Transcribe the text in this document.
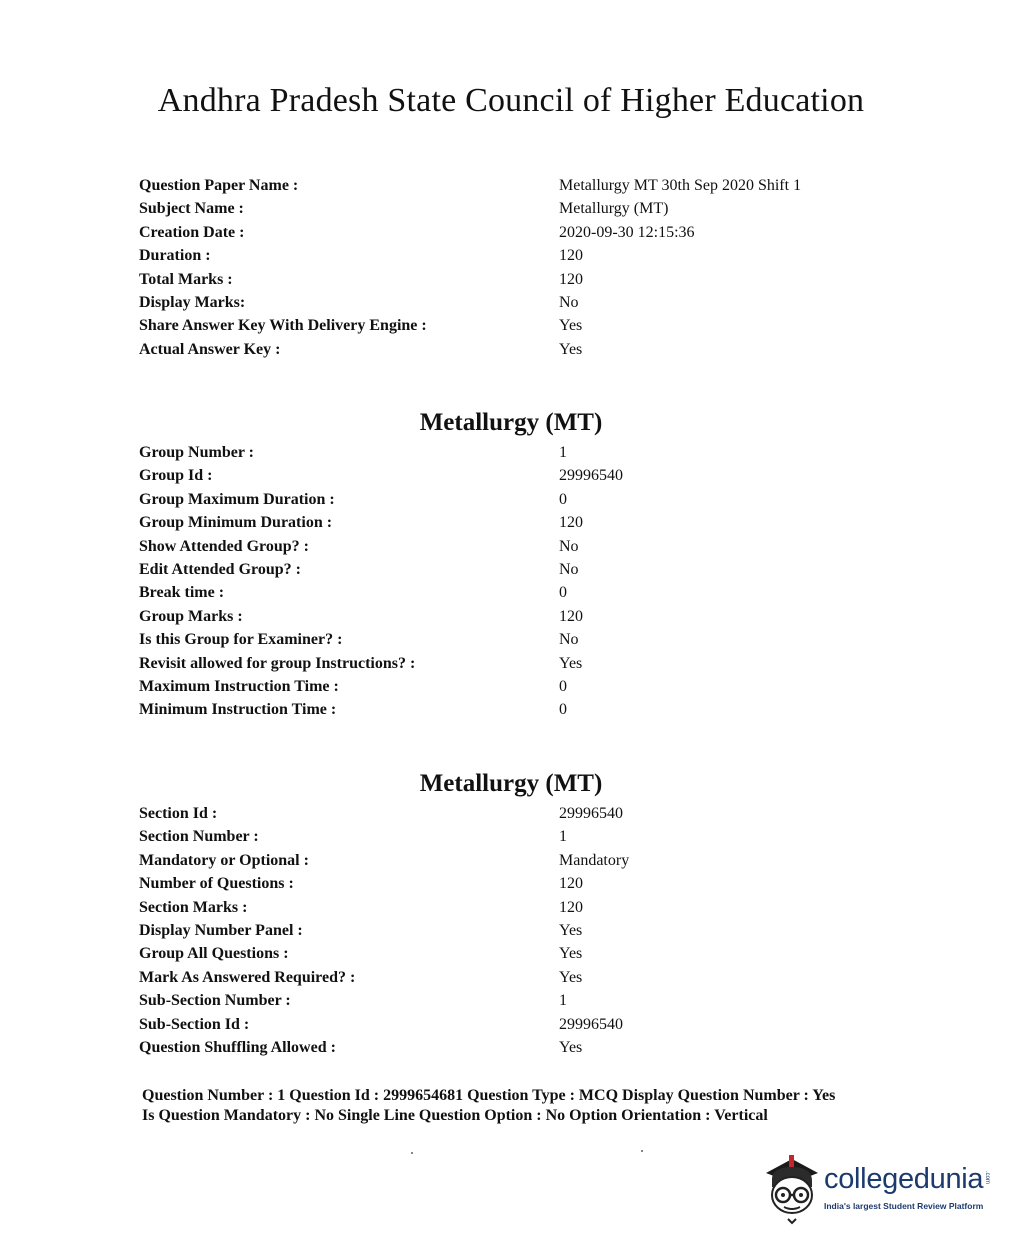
Andhra Pradesh State Council of Higher Education
Question Paper Name :	Metallurgy MT 30th Sep 2020 Shift 1
Subject Name :	Metallurgy (MT)
Creation Date :	2020-09-30 12:15:36
Duration :	120
Total Marks :	120
Display Marks:	No
Share Answer Key With Delivery Engine :	Yes
Actual Answer Key :	Yes
Metallurgy (MT)
Group Number :	1
Group Id :	29996540
Group Maximum Duration :	0
Group Minimum Duration :	120
Show Attended Group? :	No
Edit Attended Group? :	No
Break time :	0
Group Marks :	120
Is this Group for Examiner? :	No
Revisit allowed for group Instructions? :	Yes
Maximum Instruction Time :	0
Minimum Instruction Time :	0
Metallurgy (MT)
Section Id :	29996540
Section Number :	1
Mandatory or Optional :	Mandatory
Number of Questions :	120
Section Marks :	120
Display Number Panel :	Yes
Group All Questions :	Yes
Mark As Answered Required? :	Yes
Sub-Section Number :	1
Sub-Section Id :	29996540
Question Shuffling Allowed :	Yes
Question Number : 1 Question Id : 2999654681 Question Type : MCQ Display Question Number : Yes
Is Question Mandatory : No Single Line Question Option : No Option Orientation : Vertical
collegedunia .com
India's largest Student Review Platform
